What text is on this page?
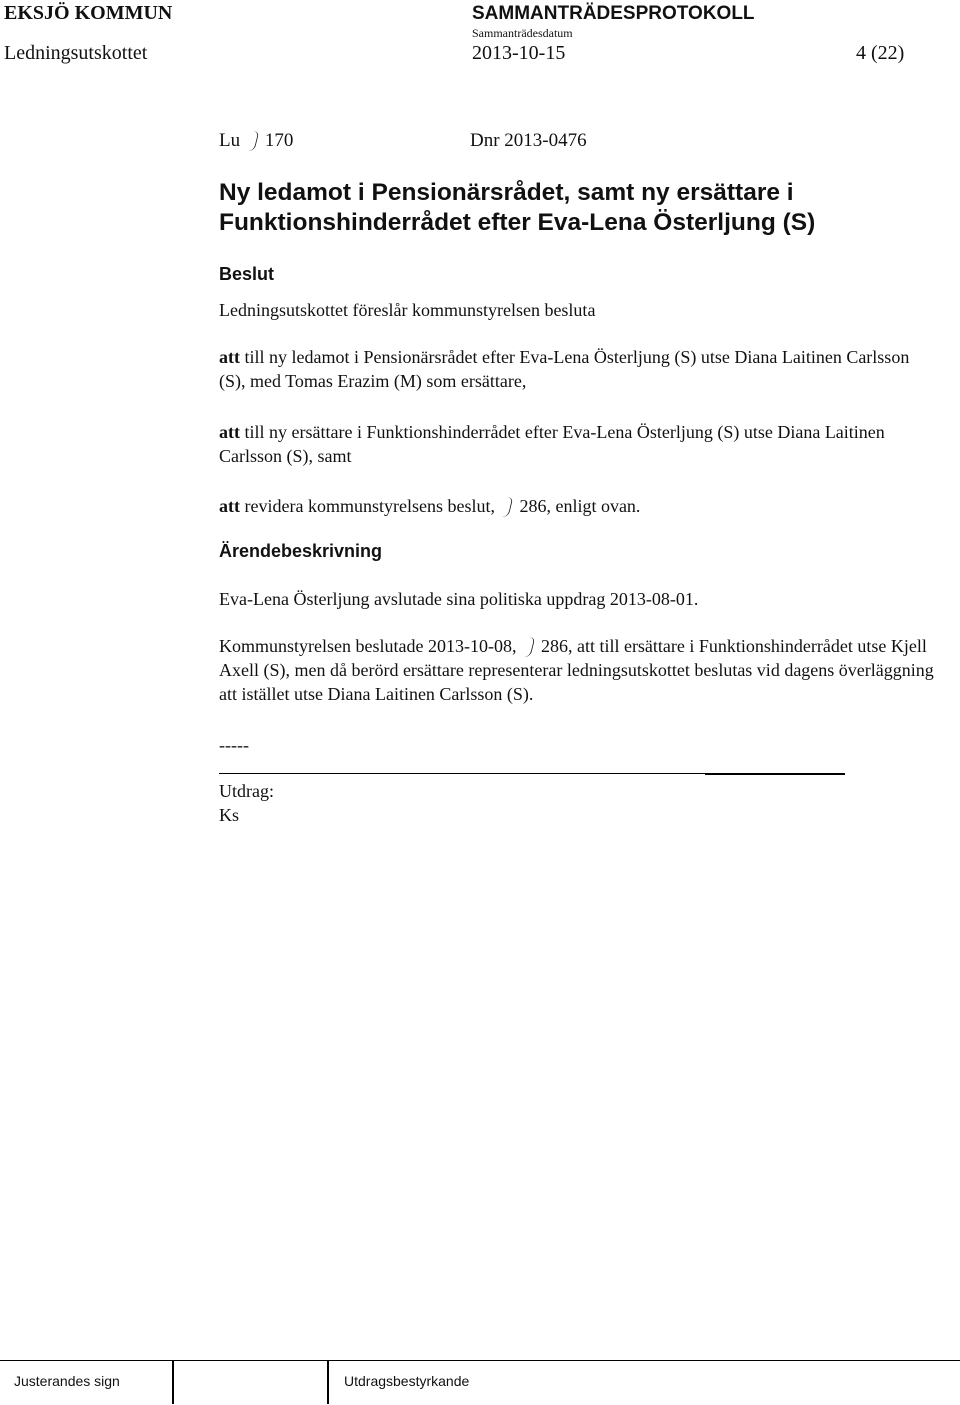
EKSJÖ KOMMUN	SAMMANTRÄDESPROTOKOLL
Sammanträdesdatum
Ledningsutskottet	2013-10-15	4 (22)
Lu 170	Dnr 2013-0476
Ny ledamot i Pensionärsrådet, samt ny ersättare i Funktionshinderrådet efter Eva-Lena Österljung (S)
Beslut
Ledningsutskottet föreslår kommunstyrelsen besluta
att till ny ledamot i Pensionärsrådet efter Eva-Lena Österljung (S) utse Diana Laitinen Carlsson (S), med Tomas Erazim (M) som ersättare,
att till ny ersättare i Funktionshinderrådet efter Eva-Lena Österljung (S) utse Diana Laitinen Carlsson (S), samt
att revidera kommunstyrelsens beslut, 286, enligt ovan.
Ärendebeskrivning
Eva-Lena Österljung avslutade sina politiska uppdrag 2013-08-01.
Kommunstyrelsen beslutade 2013-10-08, 286, att till ersättare i Funktionshinderrådet utse Kjell Axell (S), men då berörd ersättare representerar ledningsutskottet beslutas vid dagens överläggning att istället utse Diana Laitinen Carlsson (S).
-----
Utdrag:
Ks
Justerandes sign	Utdragsbestyrkande
